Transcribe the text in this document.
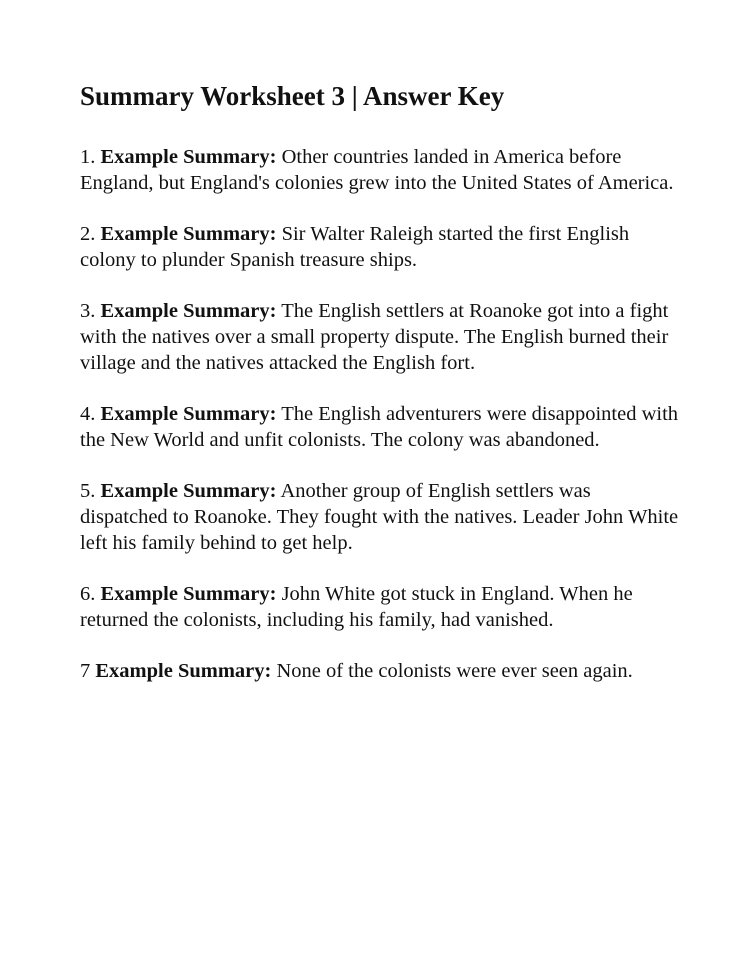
Summary Worksheet 3 | Answer Key

1. Example Summary: Other countries landed in America before England, but England's colonies grew into the United States of America.

2. Example Summary: Sir Walter Raleigh started the first English colony to plunder Spanish treasure ships.

3. Example Summary: The English settlers at Roanoke got into a fight with the natives over a small property dispute. The English burned their village and the natives attacked the English fort.

4. Example Summary: The English adventurers were disappointed with the New World and unfit colonists. The colony was abandoned.

5. Example Summary: Another group of English settlers was dispatched to Roanoke. They fought with the natives. Leader John White left his family behind to get help.

6. Example Summary: John White got stuck in England. When he returned the colonists, including his family, had vanished.

7 Example Summary: None of the colonists were ever seen again.
